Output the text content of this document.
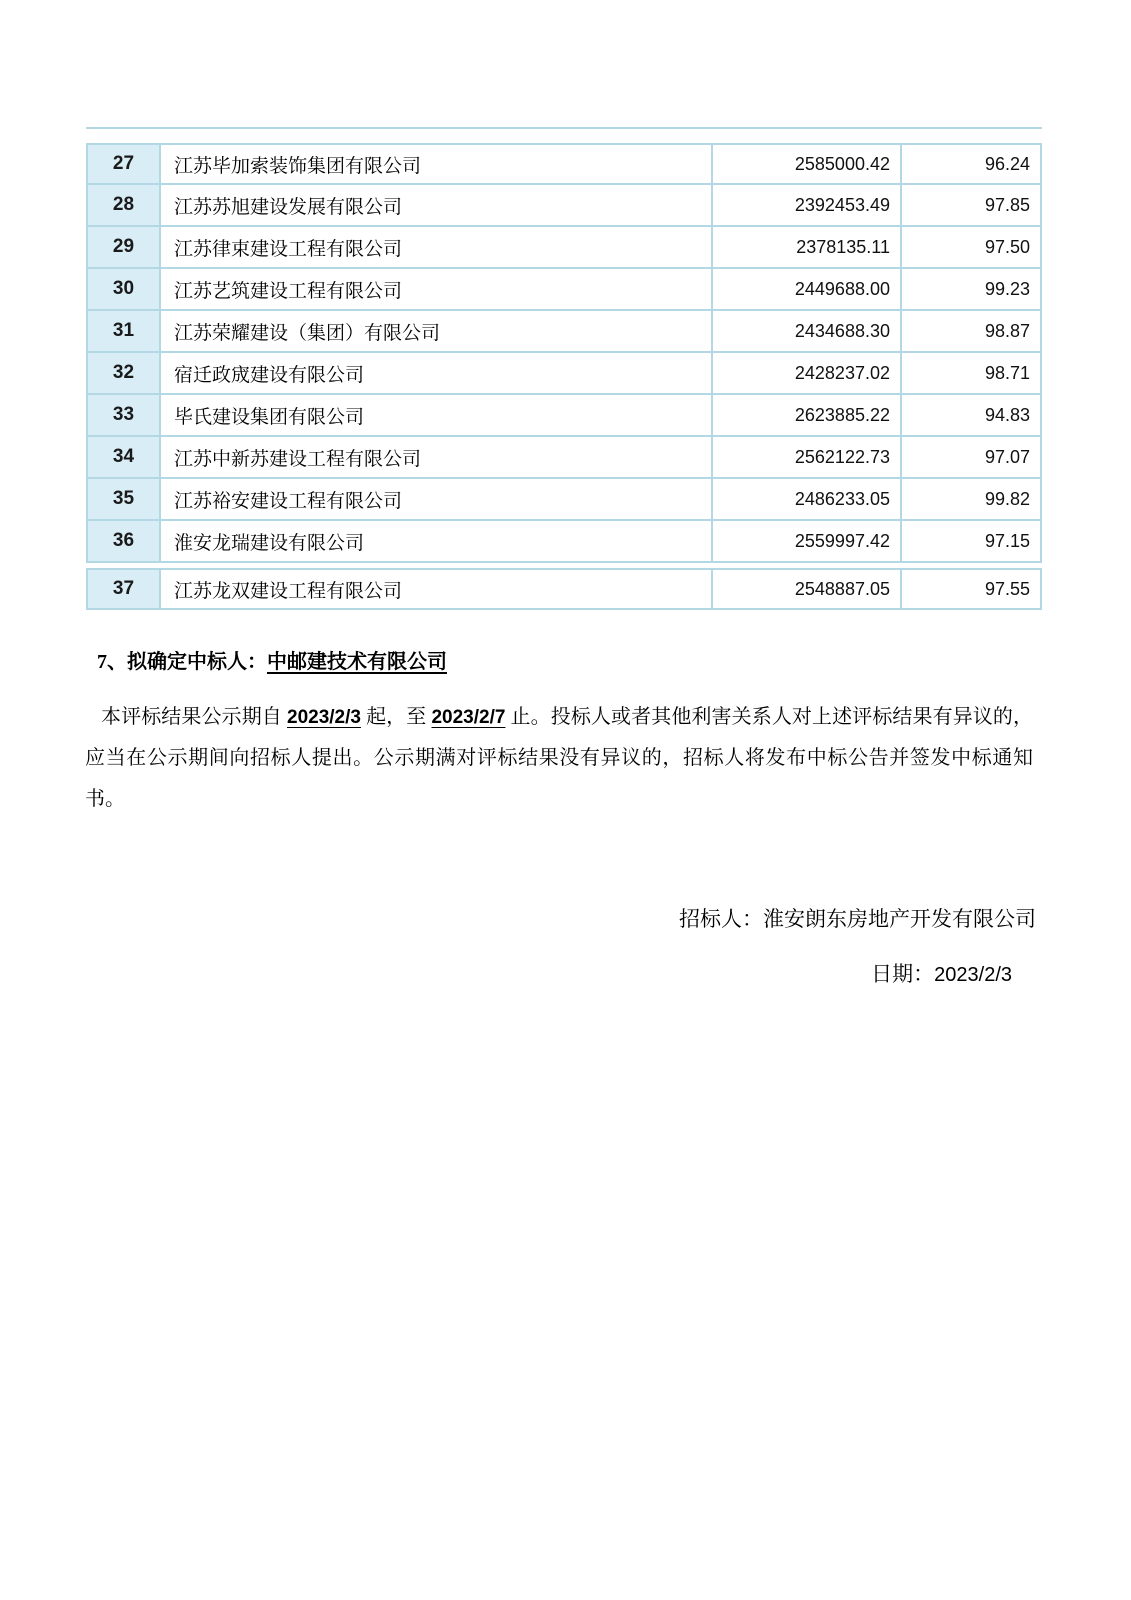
27	江苏毕加索装饰集团有限公司	2585000.42	96.24
28	江苏苏旭建设发展有限公司	2392453.49	97.85
29	江苏律束建设工程有限公司	2378135.11	97.50
30	江苏艺筑建设工程有限公司	2449688.00	99.23
31	江苏荣耀建设（集团）有限公司	2434688.30	98.87
32	宿迁政宬建设有限公司	2428237.02	98.71
33	毕氏建设集团有限公司	2623885.22	94.83
34	江苏中新苏建设工程有限公司	2562122.73	97.07
35	江苏裕安建设工程有限公司	2486233.05	99.82
36	淮安龙瑞建设有限公司	2559997.42	97.15
37	江苏龙双建设工程有限公司	2548887.05	97.55
7、拟确定中标人：中邮建技术有限公司
本评标结果公示期自 2023/2/3 起，至 2023/2/7 止。投标人或者其他利害关系人对上述评标结果有异议的，应当在公示期间向招标人提出。公示期满对评标结果没有异议的，招标人将发布中标公告并签发中标通知书。
招标人：淮安朗东房地产开发有限公司
日期：2023/2/3
